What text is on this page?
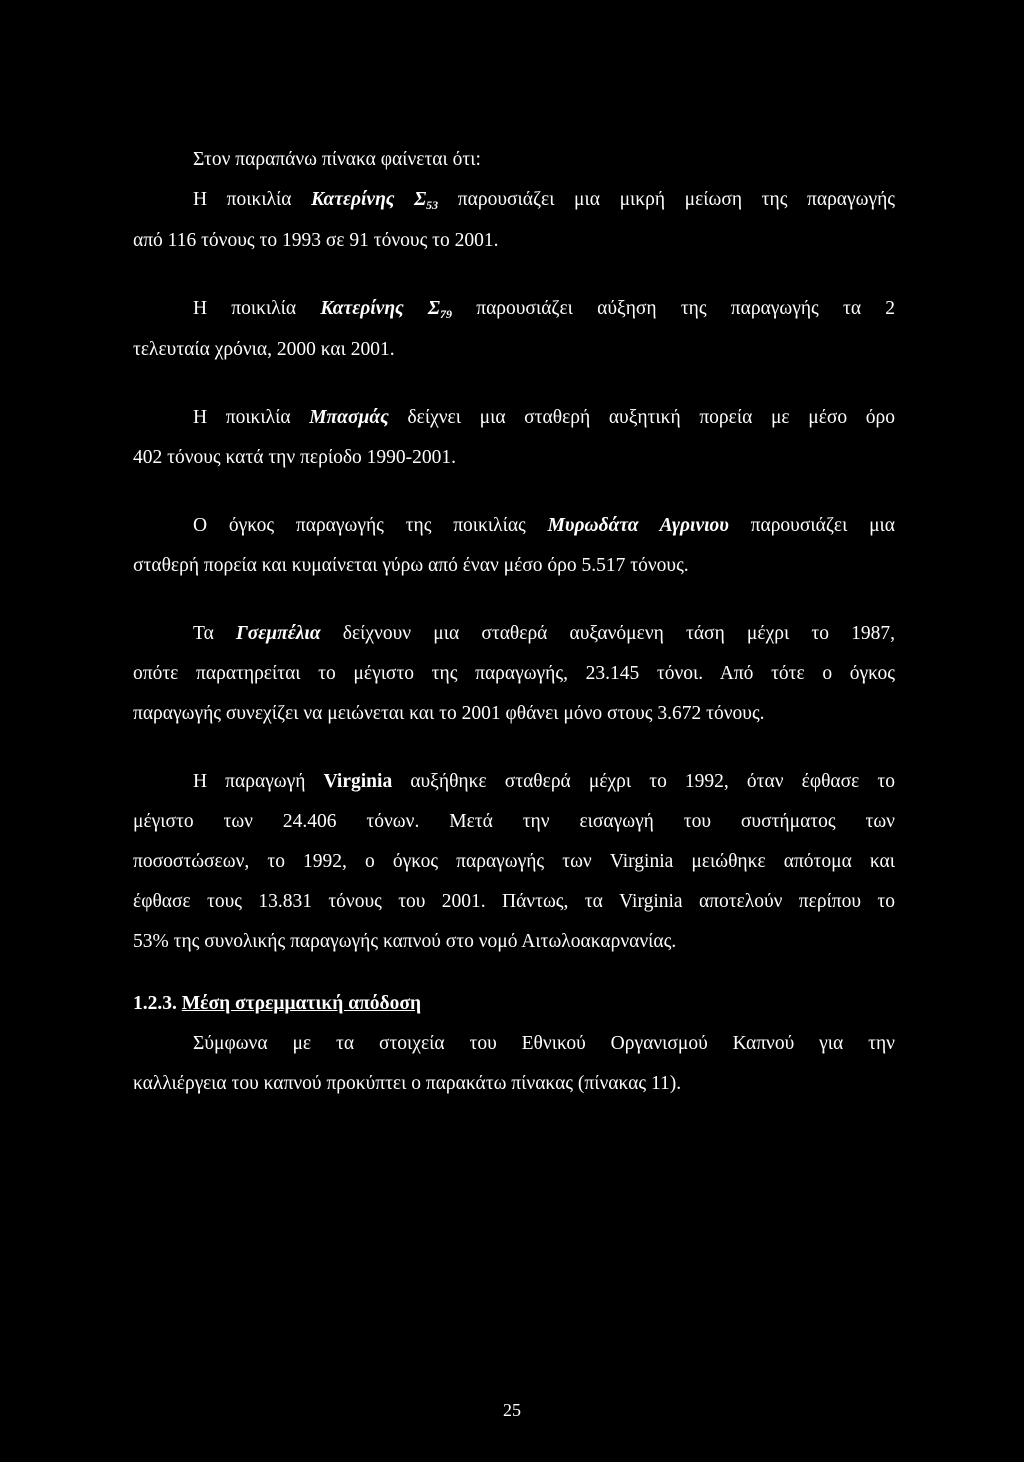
Στον παραπάνω πίνακα φαίνεται ότι:
Η ποικιλία Κατερίνης $\Sigma_{53}$ παρουσιάζει μια μικρή μείωση της παραγωγής
από 116 τόνους το 1993 σε 91 τόνους το 2001.
Η ποικιλία Κατερίνης $\Sigma_{79}$ παρουσιάζει αύξηση της παραγωγής τα 2
τελευταία χρόνια, 2000 και 2001.
Η ποικιλία Μπασμάς δείχνει μια σταθερή αυξητική πορεία με μέσο όρο
402 τόνους κατά την περίοδο 1990-2001.
Ο όγκος παραγωγής της ποικιλίας Μυρωδάτα Αγρινιου παρουσιάζει μια
σταθερή πορεία και κυμαίνεται γύρω από έναν μέσο όρο 5.517 τόνους.
Τα Γσεμπέλια δείχνουν μια σταθερά αυξανόμενη τάση μέχρι το 1987,
οπότε παρατηρείται το μέγιστο της παραγωγής, 23.145 τόνοι. Από τότε ο όγκος
παραγωγής συνεχίζει να μειώνεται και το 2001 φθάνει μόνο στους 3.672 τόνους.
Η παραγωγή Virginia αυξήθηκε σταθερά μέχρι το 1992, όταν έφθασε το
μέγιστο των 24.406 τόνων. Μετά την εισαγωγή του συστήματος των
ποσοστώσεων, το 1992, ο όγκος παραγωγής των Virginia μειώθηκε απότομα και
έφθασε τους 13.831 τόνους του 2001. Πάντως, τα Virginia αποτελούν περίπου το
53% της συνολικής παραγωγής καπνού στο νομό Αιτωλοακαρνανίας.
1.2.3. Μέση στρεμματική απόδοση
Σύμφωνα με τα στοιχεία του Εθνικού Οργανισμού Καπνού για την
καλλιέργεια του καπνού προκύπτει ο παρακάτω πίνακας (πίνακας 11).
25
